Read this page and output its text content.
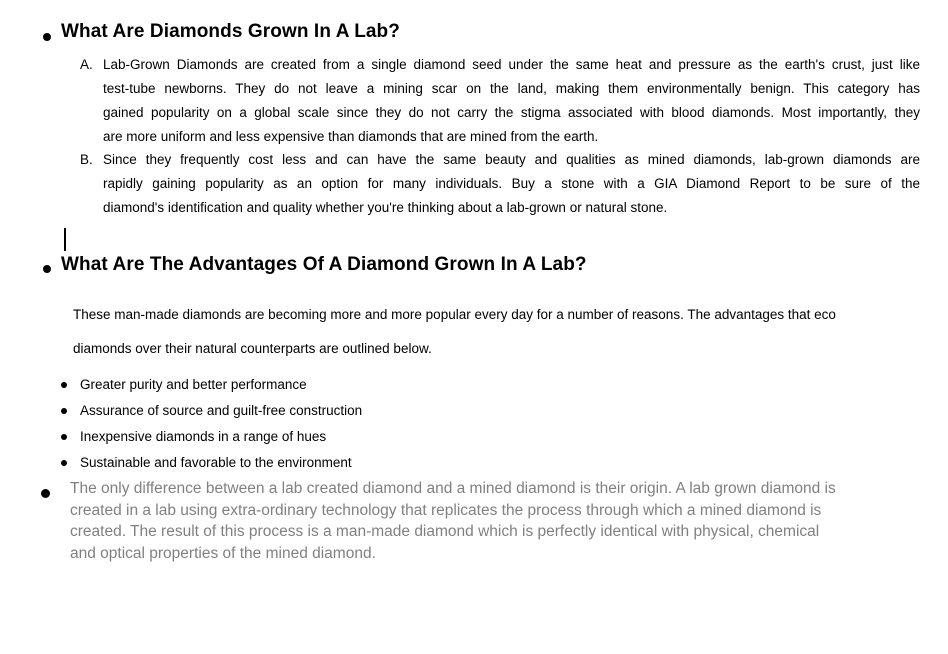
What Are Diamonds Grown In A Lab?
A. Lab-Grown Diamonds are created from a single diamond seed under the same heat and pressure as the earth's crust, just like
test-tube newborns. They do not leave a mining scar on the land, making them environmentally benign. This category has
gained popularity on a global scale since they do not carry the stigma associated with blood diamonds. Most importantly, they
are more uniform and less expensive than diamonds that are mined from the earth.
B. Since they frequently cost less and can have the same beauty and qualities as mined diamonds, lab-grown diamonds are
rapidly gaining popularity as an option for many individuals. Buy a stone with a GIA Diamond Report to be sure of the
diamond's identification and quality whether you're thinking about a lab-grown or natural stone.
What Are The Advantages Of A Diamond Grown In A Lab?
These man-made diamonds are becoming more and more popular every day for a number of reasons. The advantages that eco
diamonds over their natural counterparts are outlined below.
Greater purity and better performance
Assurance of source and guilt-free construction
Inexpensive diamonds in a range of hues
Sustainable and favorable to the environment
The only difference between a lab created diamond and a mined diamond is their origin. A lab grown diamond is
created in a lab using extra-ordinary technology that replicates the process through which a mined diamond is
created. The result of this process is a man-made diamond which is perfectly identical with physical, chemical
and optical properties of the mined diamond.
